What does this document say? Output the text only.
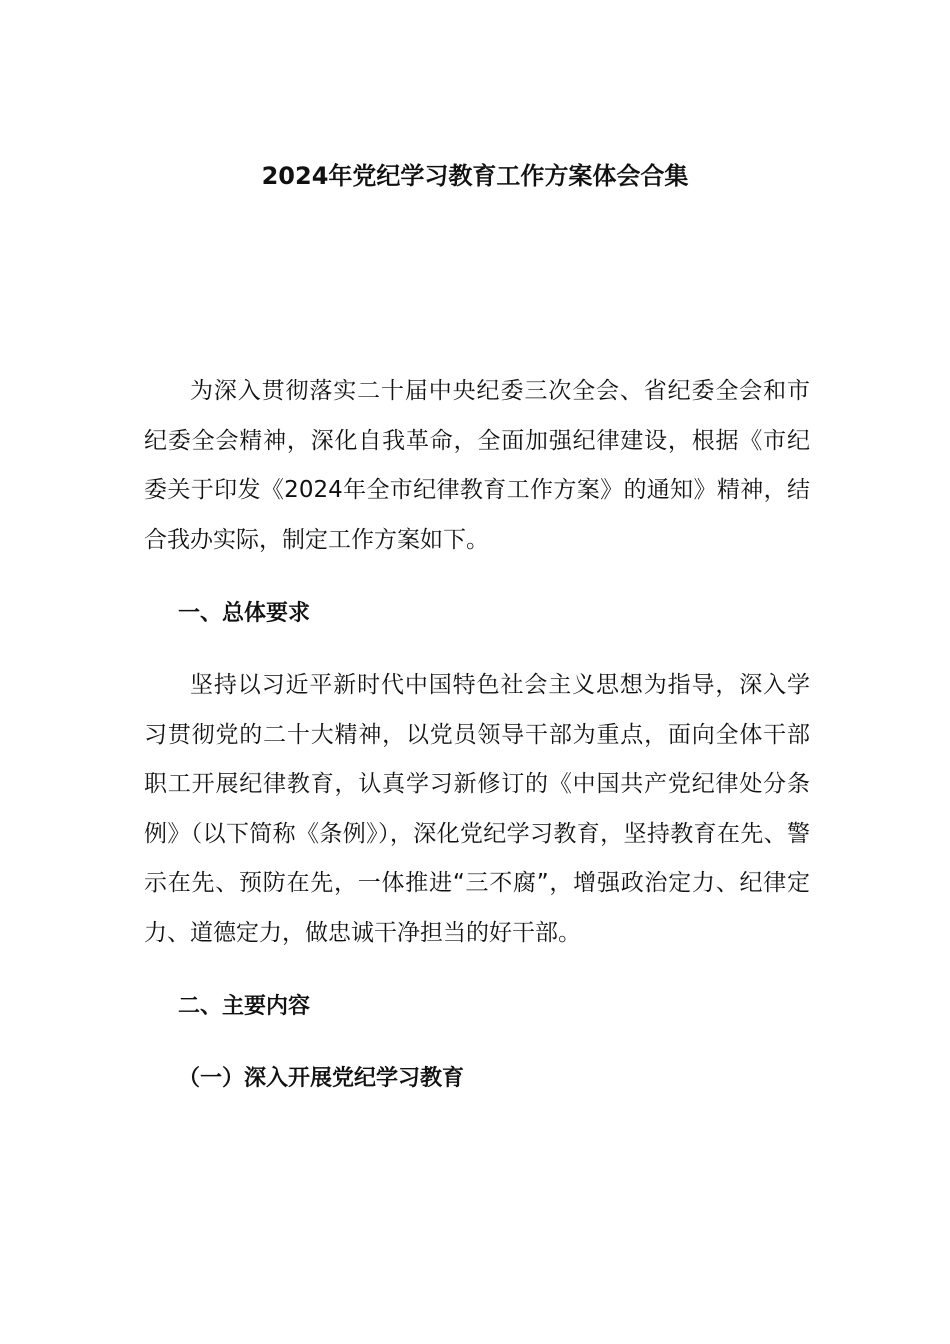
2024年党纪学习教育工作方案体会合集

为深入贯彻落实二十届中央纪委三次全会、省纪委全会和市纪委全会精神，深化自我革命，全面加强纪律建设，根据《市纪委关于印发《2024年全市纪律教育工作方案》的通知》精神，结合我办实际，制定工作方案如下。

一、总体要求

坚持以习近平新时代中国特色社会主义思想为指导，深入学习贯彻党的二十大精神，以党员领导干部为重点，面向全体干部职工开展纪律教育，认真学习新修订的《中国共产党纪律处分条例》（以下简称《条例》），深化党纪学习教育，坚持教育在先、警示在先、预防在先，一体推进“三不腐”，增强政治定力、纪律定力、道德定力，做忠诚干净担当的好干部。

二、主要内容
（一）深入开展党纪学习教育
